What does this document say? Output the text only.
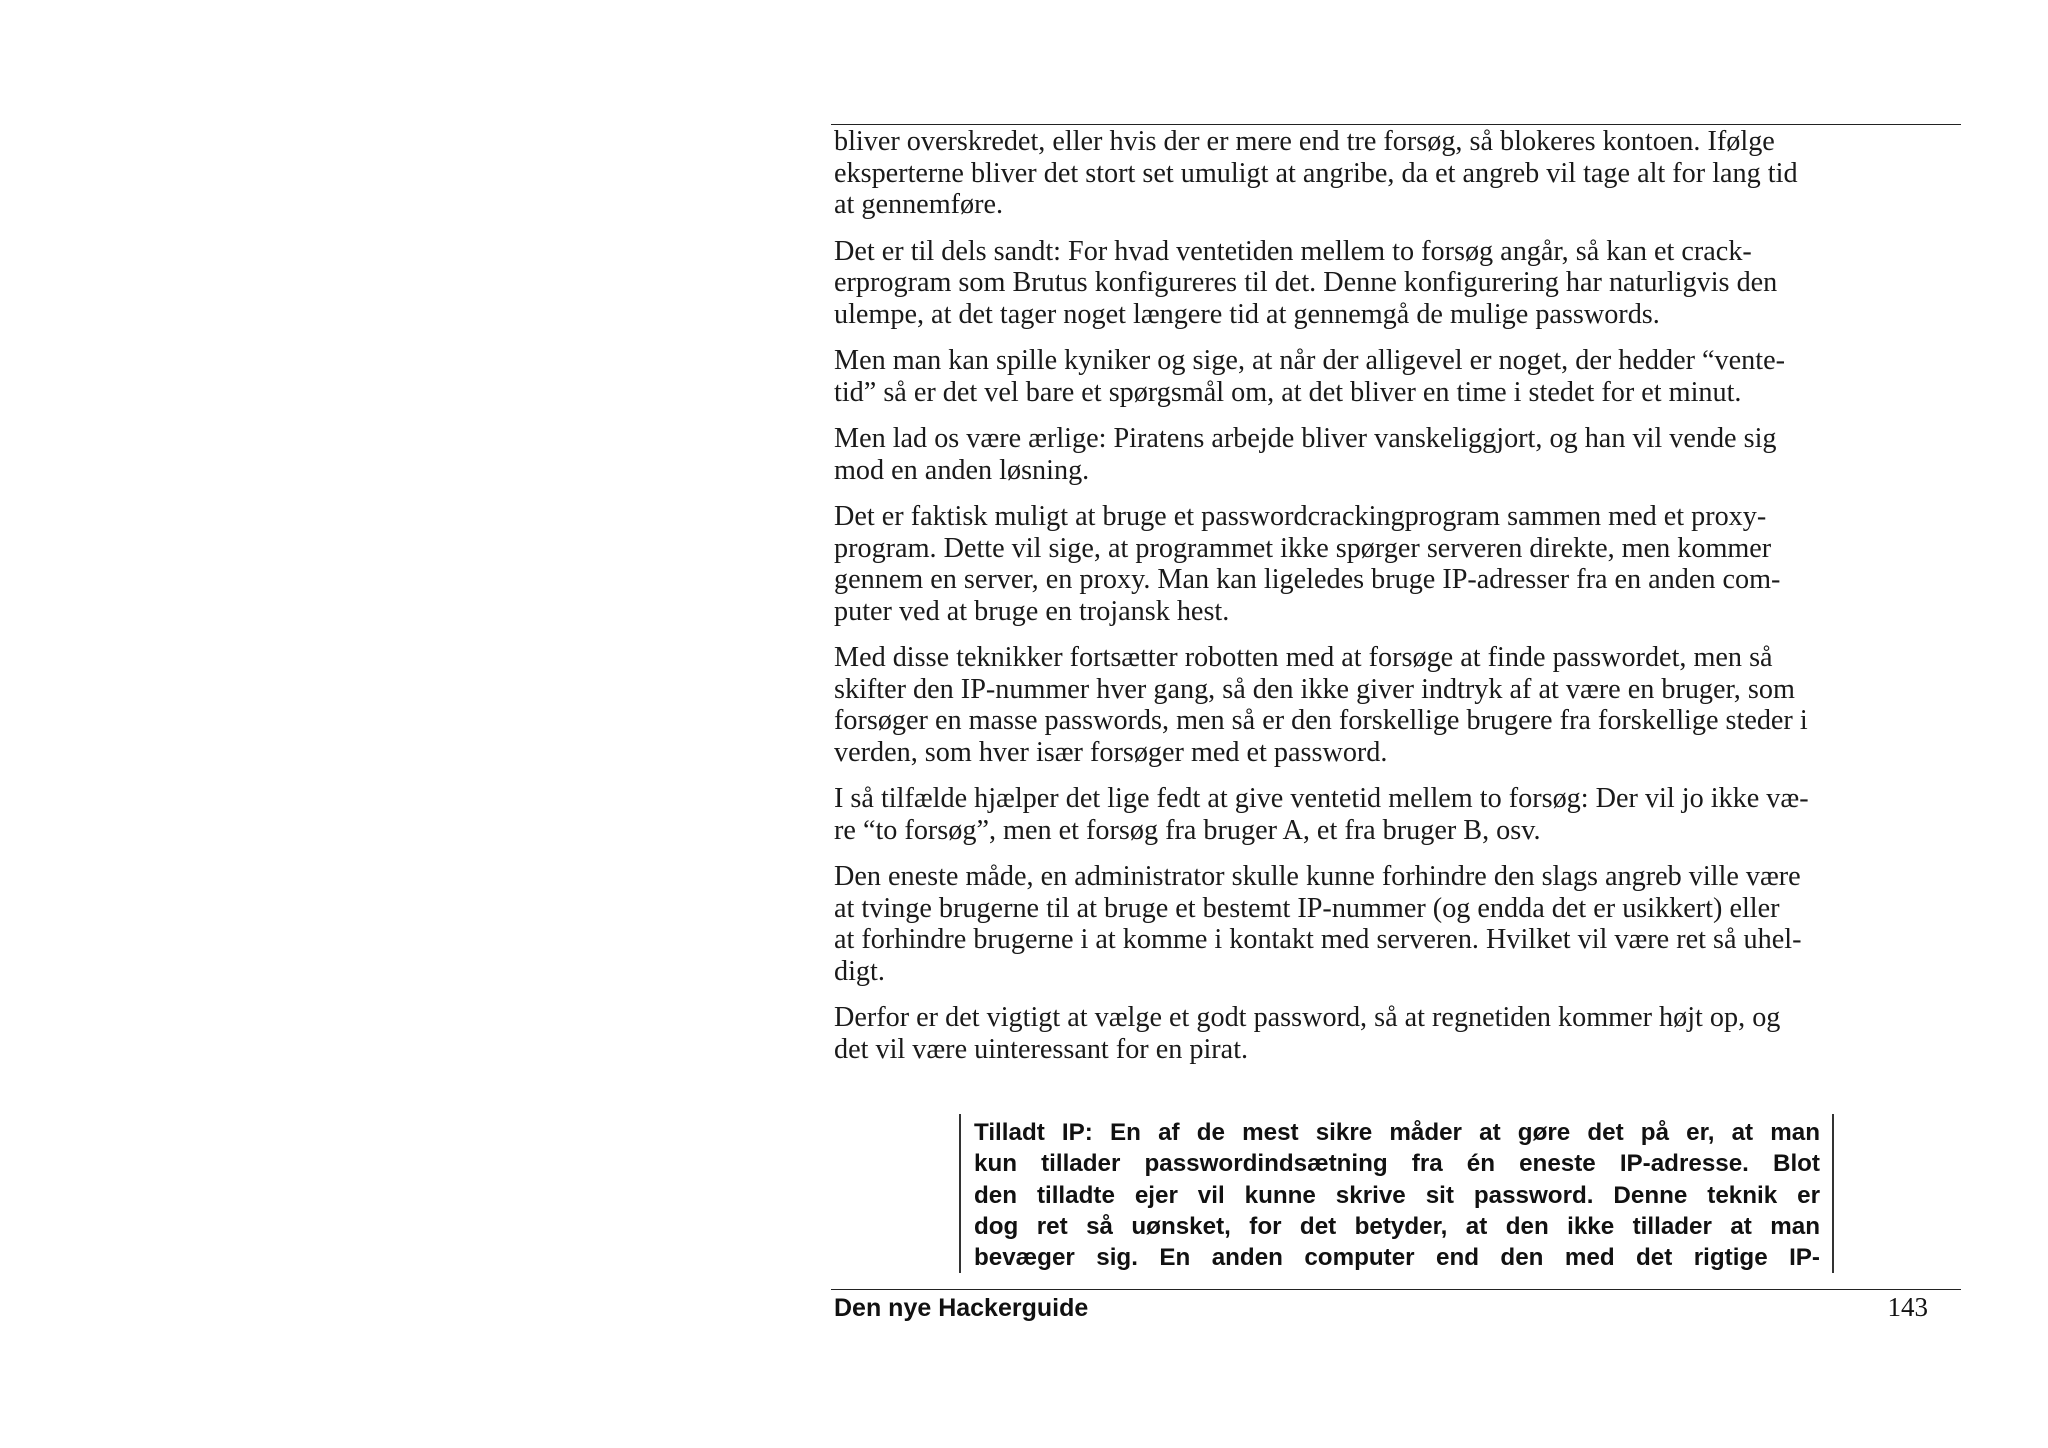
bliver overskredet, eller hvis der er mere end tre forsøg, så blokeres kontoen. Ifølge
eksperterne bliver det stort set umuligt at angribe, da et angreb vil tage alt for lang tid
at gennemføre.

Det er til dels sandt: For hvad ventetiden mellem to forsøg angår, så kan et crack-
erprogram som Brutus konfigureres til det. Denne konfigurering har naturligvis den
ulempe, at det tager noget længere tid at gennemgå de mulige passwords.

Men man kan spille kyniker og sige, at når der alligevel er noget, der hedder “vente-
tid” så er det vel bare et spørgsmål om, at det bliver en time i stedet for et minut.

Men lad os være ærlige: Piratens arbejde bliver vanskeliggjort, og han vil vende sig
mod en anden løsning.

Det er faktisk muligt at bruge et passwordcrackingprogram sammen med et proxy-
program. Dette vil sige, at programmet ikke spørger serveren direkte, men kommer
gennem en server, en proxy. Man kan ligeledes bruge IP-adresser fra en anden com-
puter ved at bruge en trojansk hest.

Med disse teknikker fortsætter robotten med at forsøge at finde passwordet, men så
skifter den IP-nummer hver gang, så den ikke giver indtryk af at være en bruger, som
forsøger en masse passwords, men så er den forskellige brugere fra forskellige steder i
verden, som hver især forsøger med et password.

I så tilfælde hjælper det lige fedt at give ventetid mellem to forsøg: Der vil jo ikke væ-
re “to forsøg”, men et forsøg fra bruger A, et fra bruger B, osv.

Den eneste måde, en administrator skulle kunne forhindre den slags angreb ville være
at tvinge brugerne til at bruge et bestemt IP-nummer (og endda det er usikkert) eller
at forhindre brugerne i at komme i kontakt med serveren. Hvilket vil være ret så uhel-
digt.

Derfor er det vigtigt at vælge et godt password, så at regnetiden kommer højt op, og
det vil være uinteressant for en pirat.

Tilladt IP: En af de mest sikre måder at gøre det på er, at man
kun tillader passwordindsætning fra én eneste IP-adresse. Blot
den tilladte ejer vil kunne skrive sit password. Denne teknik er
dog ret så uønsket, for det betyder, at den ikke tillader at man
bevæger sig. En anden computer end den med det rigtige IP-
Den nye Hackerguide	143
